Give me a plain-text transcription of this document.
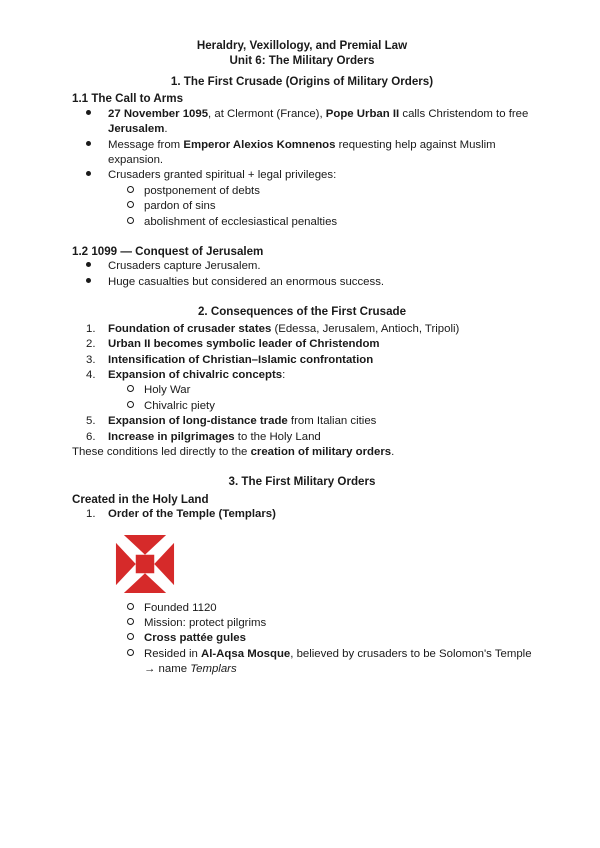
Heraldry, Vexillology, and Premial Law
Unit 6: The Military Orders
1. The First Crusade (Origins of Military Orders)
1.1 The Call to Arms
27 November 1095, at Clermont (France), Pope Urban II calls Christendom to free Jerusalem.
Message from Emperor Alexios Komnenos requesting help against Muslim expansion.
Crusaders granted spiritual + legal privileges:
postponement of debts
pardon of sins
abolishment of ecclesiastical penalties
1.2 1099 — Conquest of Jerusalem
Crusaders capture Jerusalem.
Huge casualties but considered an enormous success.
2. Consequences of the First Crusade
1.	Foundation of crusader states (Edessa, Jerusalem, Antioch, Tripoli)
2.	Urban II becomes symbolic leader of Christendom
3.	Intensification of Christian–Islamic confrontation
4.	Expansion of chivalric concepts:
Holy War
Chivalric piety
5.	Expansion of long-distance trade from Italian cities
6.	Increase in pilgrimages to the Holy Land
These conditions led directly to the creation of military orders.
3. The First Military Orders
Created in the Holy Land
1.	Order of the Temple (Templars)
Founded 1120
Mission: protect pilgrims
Cross pattée gules
Resided in Al-Aqsa Mosque, believed by crusaders to be Solomon's Temple → name Templars
